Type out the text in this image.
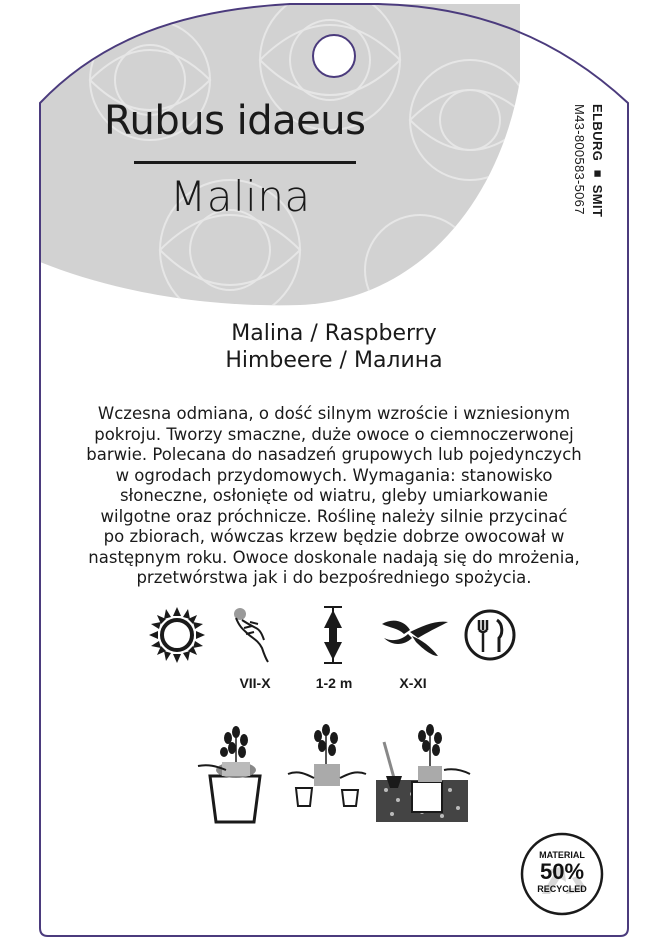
Rubus idaeus
Malina	ELBURG ■ SMIT
M43-800583-5067
Malina / Raspberry
Himbeere / Малина
Wczesna odmiana, o dość silnym wzroście i wzniesionym
pokroju. Tworzy smaczne, duże owoce o ciemnoczerwonej
barwie. Polecana do nasadzeń grupowych lub pojedynczych
w ogrodach przydomowych. Wymagania: stanowisko
słoneczne, osłonięte od wiatru, gleby umiarkowanie
wilgotne oraz próchnicze. Roślinę należy silnie przycinać
po zbiorach, wówczas krzew będzie dobrze owocował w
następnym roku. Owoce doskonale nadają się do mrożenia,
przetwórstwa jak i do bezpośredniego spożycia.
VII-X	1-2 m	X-XI
MATERIAL
50%
RECYCLED
